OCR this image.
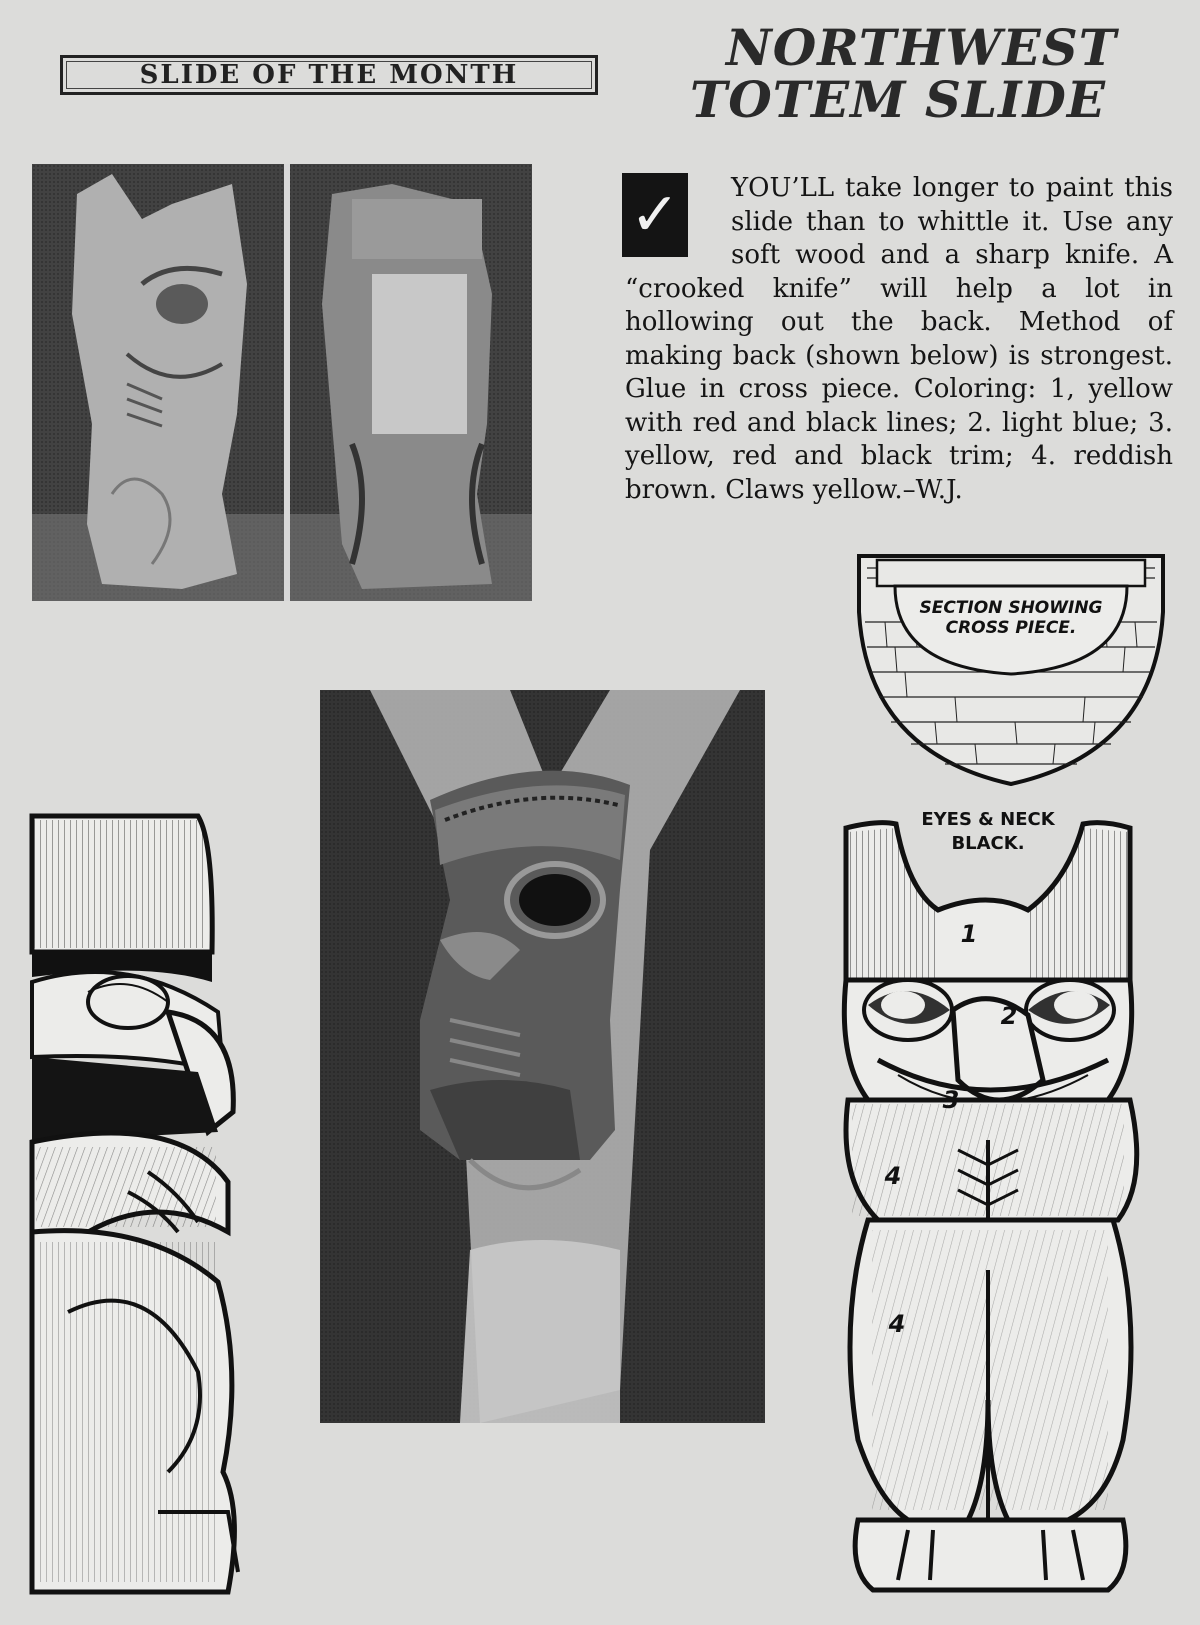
SLIDE OF THE MONTH	NORTHWEST
TOTEM SLIDE
✓	YOU’LL take longer to paint this slide than to whittle it. Use any soft wood and a sharp knife. A “crooked knife” will help a lot in hollowing out the back. Method of making back (shown below) is strongest. Glue in cross piece. Coloring: 1, yellow with red and black lines; 2. light blue; 3. yellow, red and black trim; 4. reddish brown. Claws yellow.–W.J.
SECTION SHOWING
CROSS PIECE.
EYES & NECK
BLACK.
1
2
3
4
4
